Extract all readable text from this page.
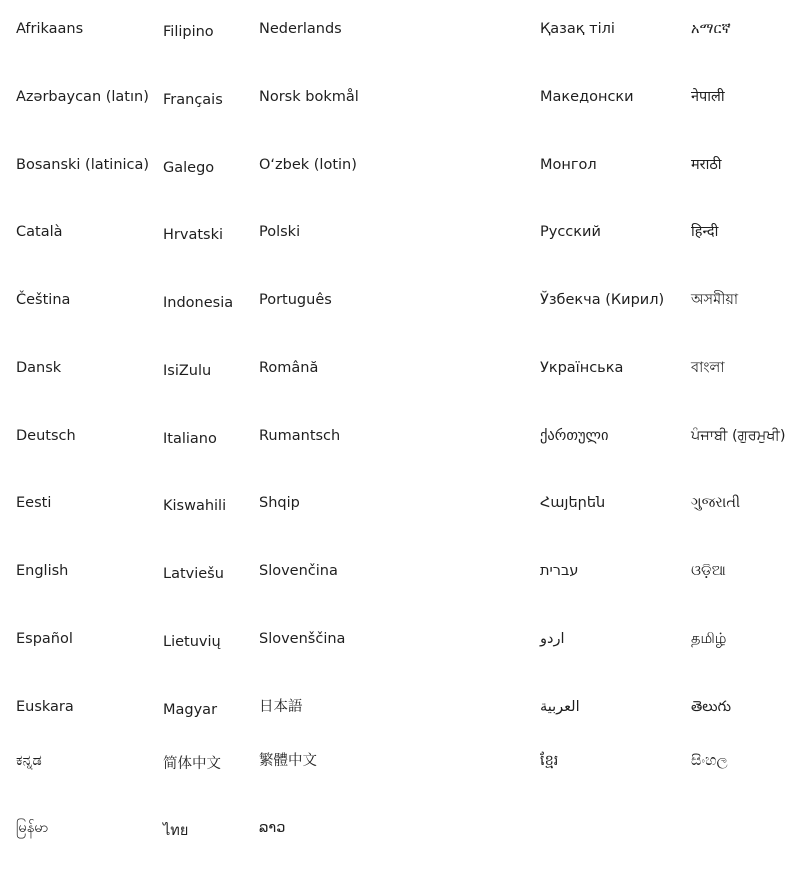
Afrikaans
Azərbaycan (latın)
Bosanski (latinica)
Català
Čeština
Dansk
Deutsch
Eesti
English
Español
Euskara
ಕನ್ನಡ
မြန်မာ
Filipino
Français
Galego
Hrvatski
Indonesia
IsiZulu
Italiano
Kiswahili
Latviešu
Lietuvių
Magyar
简体中文
ไทย
Nederlands
Norsk bokmål
O‘zbek (lotin)
Polski
Português
Română
Rumantsch
Shqip
Slovenčina
Slovenščina
日本語
繁體中文
ລາວ
Қазақ тілі
Македонски
Монгол
Русский
Ўзбекча (Кирил)
Українська
ქართული
Հայերեն
עברית
اردو
العربية
ខ្មែរ
አማርኛ
नेपाली
मराठी
हिन्दी
অসমীয়া
বাংলা
ਪੰਜਾਬੀ (ਗੁਰਮੁਖੀ)
ગુજરાતી
ଓଡ଼ିଆ
தமிழ்
తెలుగు
සිංහල
